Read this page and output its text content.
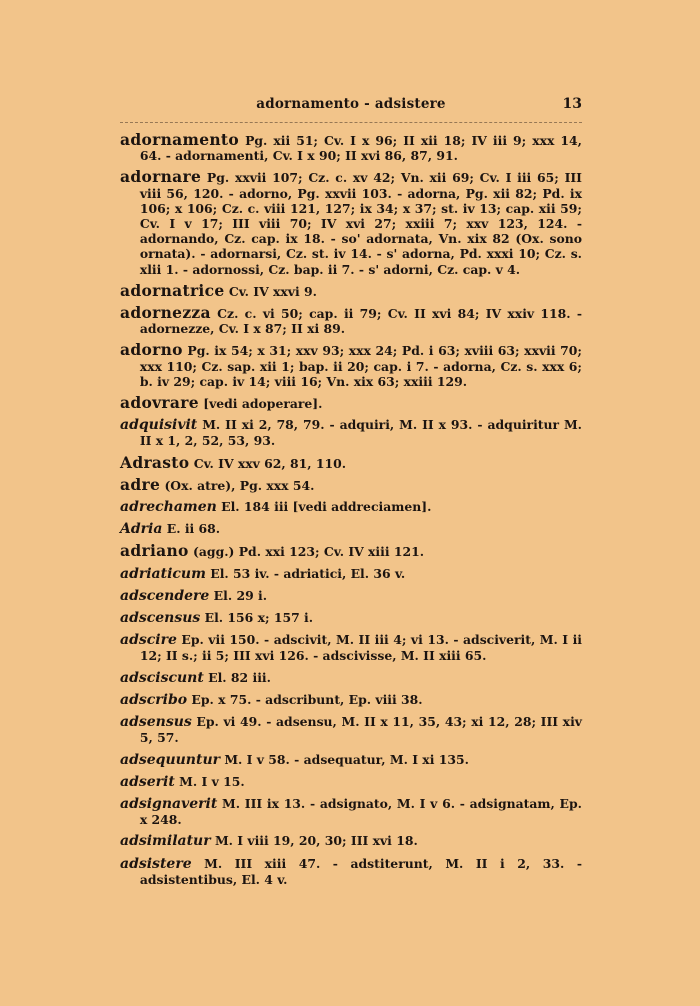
adornamento - adsistere	13

adornamento Pg. xii 51; Cv. I x 96; II xii 18; IV iii 9; xxx 14, 64. - adornamenti, Cv. I x 90; II xvi 86, 87, 91.

adornare Pg. xxvii 107; Cz. c. xv 42; Vn. xii 69; Cv. I iii 65; III viii 56, 120. - adorno, Pg. xxvii 103. - adorna, Pg. xii 82; Pd. ix 106; x 106; Cz. c. viii 121, 127; ix 34; x 37; st. iv 13; cap. xii 59; Cv. I v 17; III viii 70; IV xvi 27; xxiii 7; xxv 123, 124. - adornando, Cz. cap. ix 18. - so' adornata, Vn. xix 82 (Ox. sono ornata). - adornarsi, Cz. st. iv 14. - s' adorna, Pd. xxxi 10; Cz. s. xlii 1. - adornossi, Cz. bap. ii 7. - s' adorni, Cz. cap. v 4.

adornatrice Cv. IV xxvi 9.

adornezza Cz. c. vi 50; cap. ii 79; Cv. II xvi 84; IV xxiv 118. - adornezze, Cv. I x 87; II xi 89.

adorno Pg. ix 54; x 31; xxv 93; xxx 24; Pd. i 63; xviii 63; xxvii 70; xxx 110; Cz. sap. xii 1; bap. ii 20; cap. i 7. - adorna, Cz. s. xxx 6; b. iv 29; cap. iv 14; viii 16; Vn. xix 63; xxiii 129.

adovrare [vedi adoperare].

adquisivit M. II xi 2, 78, 79. - adquiri, M. II x 93. - adquiritur M. II x 1, 2, 52, 53, 93.

Adrasto Cv. IV xxv 62, 81, 110.

adre (Ox. atre), Pg. xxx 54.

adrechamen El. 184 iii [vedi addreciamen].

Adria E. ii 68.

adriano (agg.) Pd. xxi 123; Cv. IV xiii 121.

adriaticum El. 53 iv. - adriatici, El. 36 v.

adscendere El. 29 i.

adscensus El. 156 x; 157 i.

adscire Ep. vii 150. - adscivit, M. II iii 4; vi 13. - adsciverit, M. I ii 12; II s.; ii 5; III xvi 126. - adscivisse, M. II xiii 65.

adsciscunt El. 82 iii.

adscribo Ep. x 75. - adscribunt, Ep. viii 38.

adsensus Ep. vi 49. - adsensu, M. II x 11, 35, 43; xi 12, 28; III xiv 5, 57.

adsequuntur M. I v 58. - adsequatur, M. I xi 135.

adserit M. I v 15.

adsignaverit M. III ix 13. - adsignato, M. I v 6. - adsignatam, Ep. x 248.

adsimilatur M. I viii 19, 20, 30; III xvi 18.

adsistere M. III xiii 47. - adstiterunt, M. II i 2, 33. - adsistentibus, El. 4 v.
